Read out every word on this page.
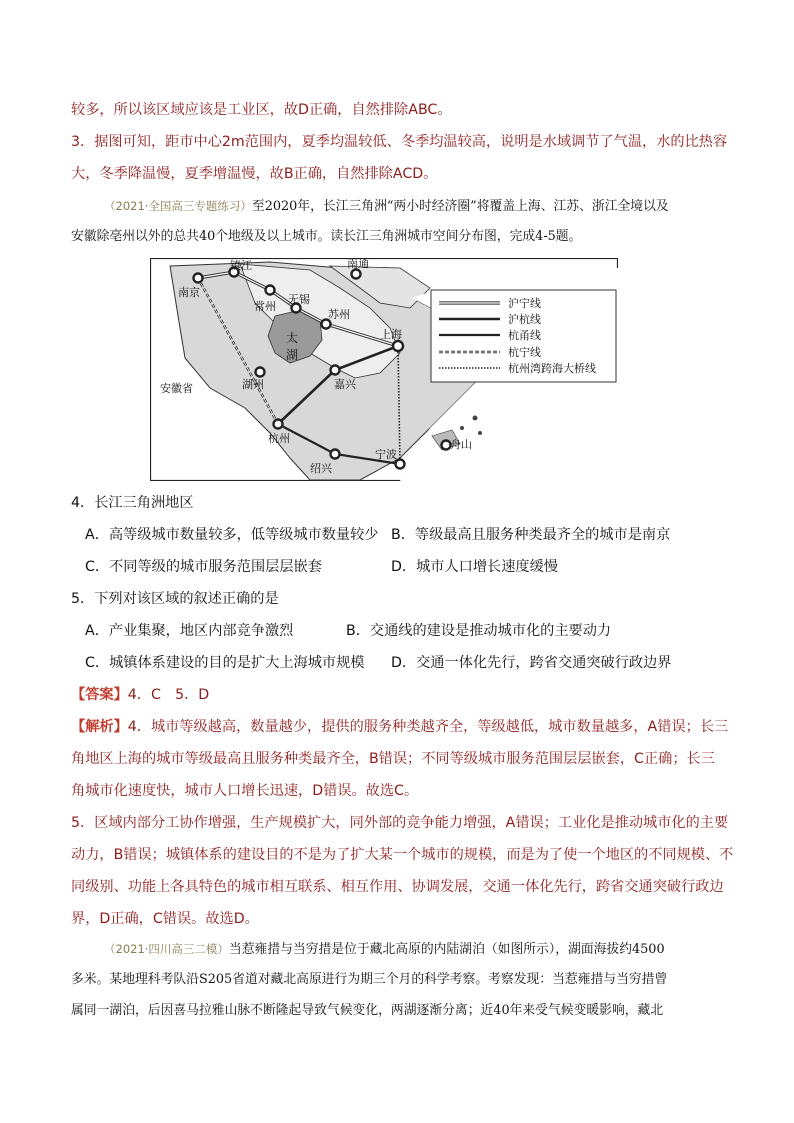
较多，所以该区域应该是工业区，故D正确，自然排除ABC。
3．据图可知，距市中心2m范围内，夏季均温较低、冬季均温较高，说明是水域调节了气温，水的比热容
大，冬季降温慢，夏季增温慢，故B正确，自然排除ACD。
（2021·全国高三专题练习）至2020年，长江三角洲“两小时经济圈”将覆盖上海、江苏、浙江全境以及
安徽除亳州以外的总共40个地级及以上城市。读长江三角洲城市空间分布图，完成4-5题。
南京
镇江	南通
常州
无锡
苏州
上海
湖州	嘉兴
杭州
绍兴
宁波
舟山
太
湖
安徽省
沪宁线
沪杭线
杭甬线
杭宁线
杭州湾跨海大桥线
4．长江三角洲地区
A．高等级城市数量较多，低等级城市数量较少 B．等级最高且服务种类最齐全的城市是南京
C．不同等级的城市服务范围层层嵌套	D．城市人口增长速度缓慢
5．下列对该区域的叙述正确的是
A．产业集聚，地区内部竞争激烈	B．交通线的建设是推动城市化的主要动力
C．城镇体系建设的目的是扩大上海城市规模 D．交通一体化先行，跨省交通突破行政边界
【答案】4．C　5．D
【解析】4．城市等级越高，数量越少，提供的服务种类越齐全，等级越低，城市数量越多，A错误；长三
角地区上海的城市等级最高且服务种类最齐全，B错误；不同等级城市服务范围层层嵌套，C正确；长三
角城市化速度快，城市人口增长迅速，D错误。故选C。
5．区域内部分工协作增强，生产规模扩大，同外部的竞争能力增强，A错误；工业化是推动城市化的主要
动力，B错误；城镇体系的建设目的不是为了扩大某一个城市的规模，而是为了使一个地区的不同规模、不
同级别、功能上各具特色的城市相互联系、相互作用、协调发展，交通一体化先行，跨省交通突破行政边
界，D正确，C错误。故选D。
（2021·四川高三二模）当惹雍措与当穷措是位于藏北高原的内陆湖泊（如图所示），湖面海拔约4500
多米。某地理科考队沿S205省道对藏北高原进行为期三个月的科学考察。考察发现：当惹雍措与当穷措曾
属同一湖泊，后因喜马拉雅山脉不断隆起导致气候变化，两湖逐渐分离；近40年来受气候变暖影响，藏北
